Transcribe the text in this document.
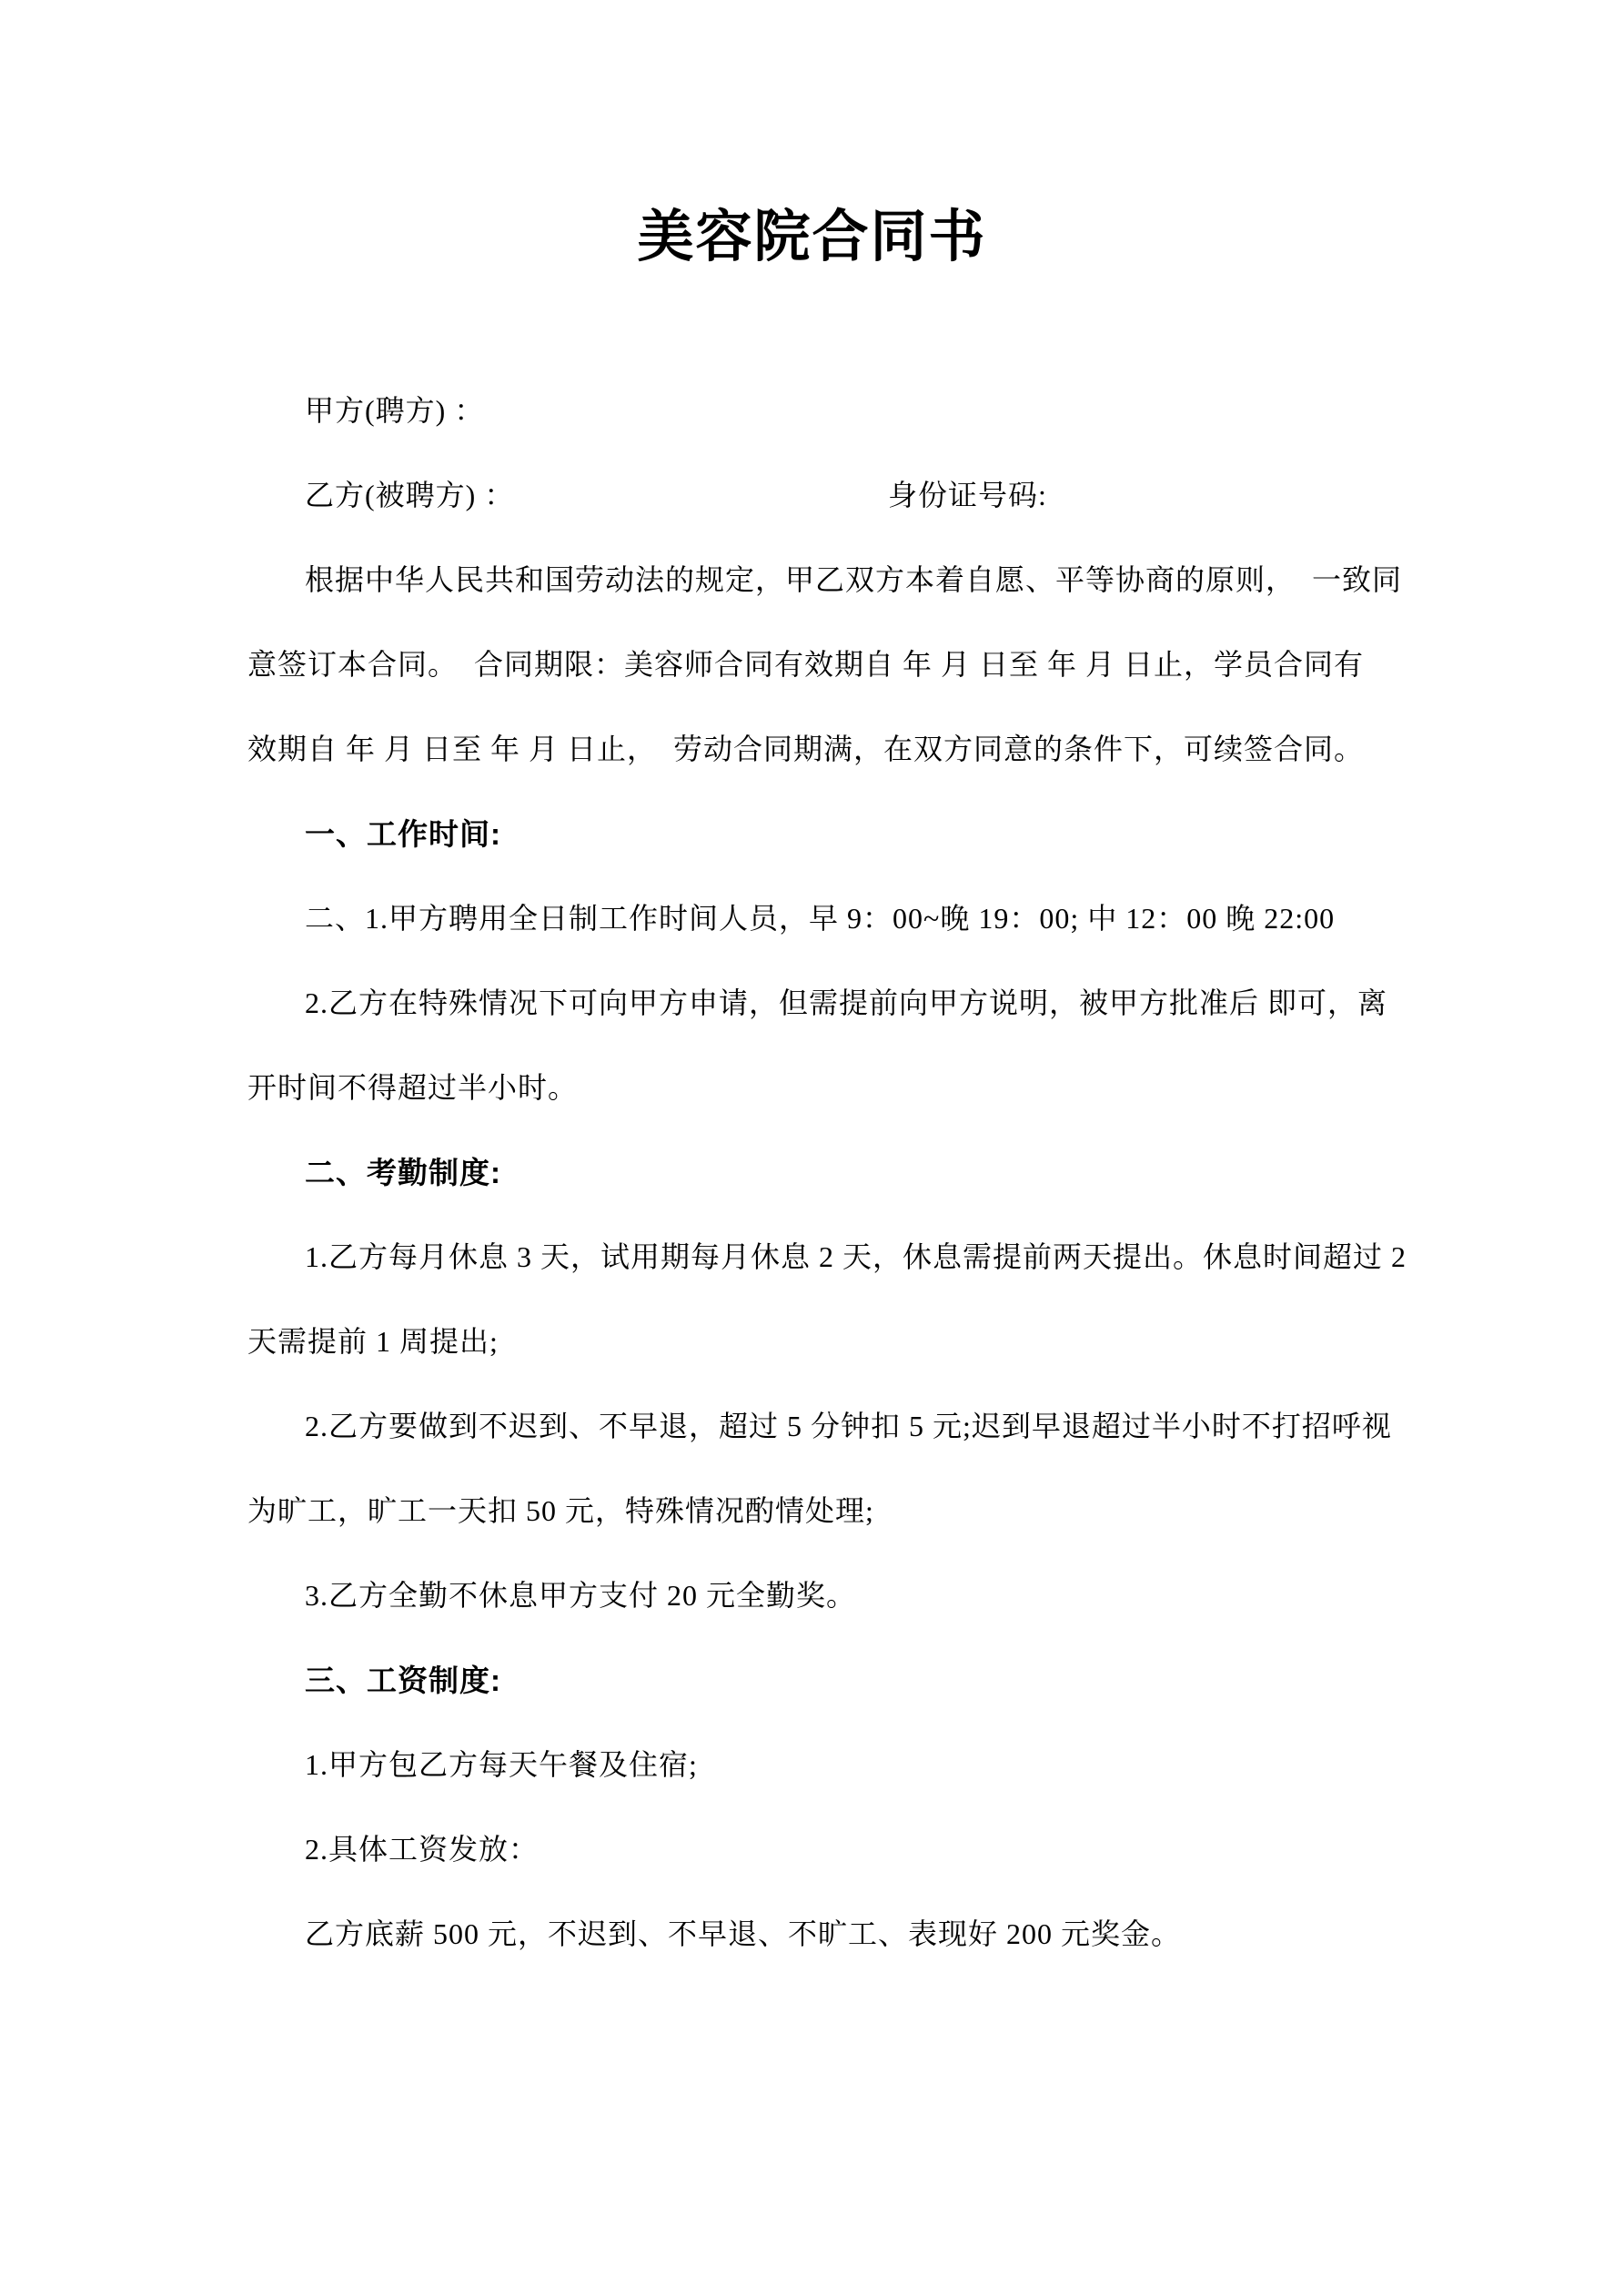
美容院合同书
甲方(聘方) ：
乙方(被聘方) ：	身份证号码:
根据中华人民共和国劳动法的规定，甲乙双方本着自愿、平等协商的原则，  一致同
意签订本合同。  合同期限：美容师合同有效期自 年 月 日至 年 月 日止，学员合同有
效期自 年 月 日至 年 月 日止，  劳动合同期满，在双方同意的条件下，可续签合同。
一、工作时间:
二、1.甲方聘用全日制工作时间人员，早 9：00~晚 19：00; 中 12：00 晚 22:00
2.乙方在特殊情况下可向甲方申请，但需提前向甲方说明，被甲方批准后 即可，离
开时间不得超过半小时。
二、考勤制度:
1.乙方每月休息 3 天，试用期每月休息 2 天，休息需提前两天提出。休息时间超过 2
天需提前 1 周提出;
2.乙方要做到不迟到、不早退，超过 5 分钟扣 5 元;迟到早退超过半小时不打招呼视
为旷工，旷工一天扣 50 元，特殊情况酌情处理;
3.乙方全勤不休息甲方支付 20 元全勤奖。
三、工资制度:
1.甲方包乙方每天午餐及住宿;
2.具体工资发放：
乙方底薪 500 元，不迟到、不早退、不旷工、表现好 200 元奖金。
